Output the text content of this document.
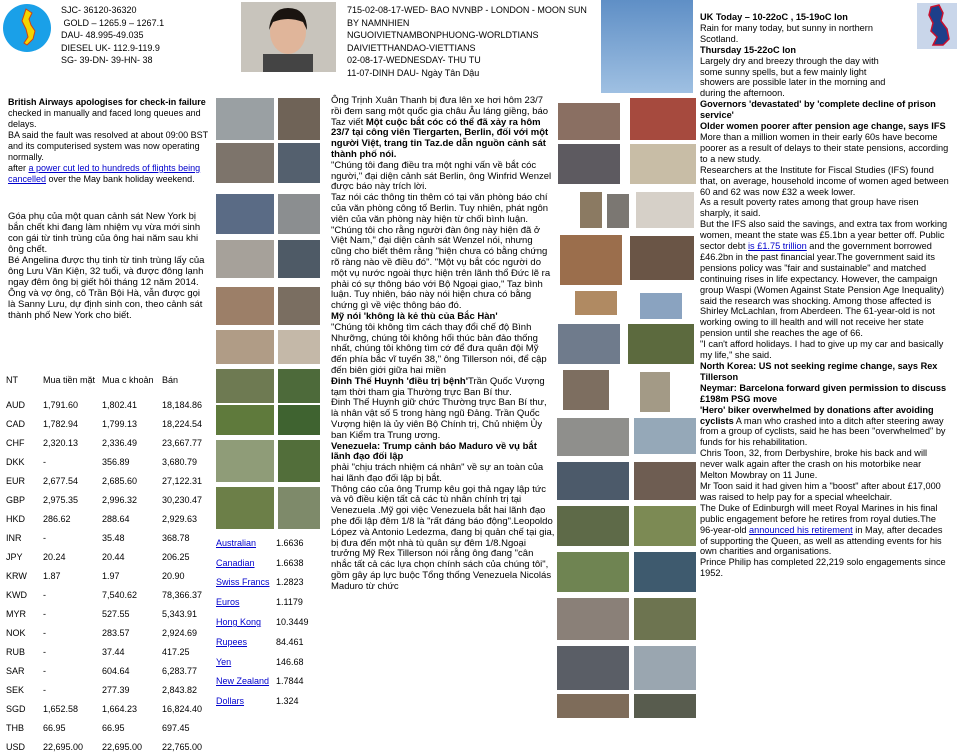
SJC- 36120-36320
GOLD – 1265.9 – 1267.1
DAU- 48.995-49.035
DIESEL UK- 112.9-119.9
SG- 39-DN- 39-HN- 38
715-02-08-17-WED- BAO NVNBP - LONDON - MOON SUN BY NAMNHIEN
NGUOIVIETNAMBONPHUONG-WORLDTIANS
DAIVIETTHANDAO-VIETTIANS
02-08-17-WEDNESDAY- THU TU
11-07-DINH DAU- Ngày Tân Dậu

British Airways apologises for check-in failure checked in manually and faced long queues and delays.

BA said the fault was resolved at about 09:00 BST and its computerised system was now operating normally.

after a power cut led to hundreds of flights being cancelled over the May bank holiday weekend.

Góa phụ của một quan cảnh sát New York bị bắn chết khi đang làm nhiệm vụ vừa mới sinh con gái từ tinh trùng của ông hai năm sau khi ông chết.

Bé Angelina được thụ tinh từ tinh trùng lấy của ông Lưu Văn Kiện, 32 tuổi, và được đông lạnh ngay đêm ông bị giết hôi tháng 12 năm 2014.

Ông và vợ ông, cô Trần Bội Hà, vẫn được gọi là Sanny Lưu, dự định sinh con, theo cảnh sát thành phố New York cho biết.

NT	Mua tiền mặt	Mua c khoản	Bán
AUD	1,791.60	1,802.41	18,184.86
CAD	1,782.94	1,799.13	18,224.54
CHF	2,320.13	2,336.49	23,667.77
DKK	-	356.89	3,680.79
EUR	2,677.54	2,685.60	27,122.31
GBP	2,975.35	2,996.32	30,230.47
HKD	286.62	288.64	2,929.63
INR	-	35.48	368.78
JPY	20.24	20.44	206.25
KRW	1.87	1.97	20.90
KWD	-	7,540.62	78,366.37
MYR	-	527.55	5,343.91
NOK	-	283.57	2,924.69
RUB	-	37.44	417.25
SAR	-	604.64	6,283.77
SEK	-	277.39	2,843.82
SGD	1,652.58	1,664.23	16,824.40
THB	66.95	66.95	697.45
USD	22,695.00	22,695.00	22,765.00
Australian	1.6636
Canadian	1.6638
Swiss Francs	1.2823
Euros	1.1179
Hong Kong	10.3449
Rupees	84.461
Yen	146.68
New Zealand	1.7844
Dollars	1.324

Ông Trịnh Xuân Thanh bị đưa lên xe hơi hôm 23/7 rồi đem sang một quốc gia châu Âu láng giềng, báo Taz viết Một cuộc bắt cóc có thể đã xảy ra hôm 23/7 tại công viên Tiergarten, Berlin, đối với một người Việt, trang tin Taz.de dẫn nguồn cảnh sát thành phố nói.

"Chúng tôi đang điều tra một nghi vấn về bắt cóc người," đại diện cảnh sát Berlin, ông Winfrid Wenzel được báo này trích lời.

Taz nói các thông tin thêm có tại văn phòng báo chí của văn phòng công tố Berlin. Tuy nhiên, phát ngôn viên của văn phòng này hiện từ chối bình luận.

"Chúng tôi cho rằng người đàn ông này hiện đã ở Việt Nam," đại diện cảnh sát Wenzel nói, nhưng cũng cho biết thêm rằng "hiện chưa có bằng chứng rõ ràng nào về điều đó". "Một vụ bắt cóc người do một vụ nước ngoài thực hiện trên lãnh thổ Đức lẽ ra phải có sự thông báo với Bộ Ngoại giao," Taz bình luận. Tuy nhiên, báo này nói hiện chưa có bằng chứng gì về việc thông báo đó.

Mỹ nói 'không là kẻ thù của Bắc Hàn'

"Chúng tôi không tìm cách thay đổi chế độ Bình Nhưỡng, chúng tôi không hối thúc bản đảo thống nhất, chúng tôi không tìm cớ để đưa quân đội Mỹ đến phía bắc vĩ tuyến 38," ông Tillerson nói, để cập đến biên giới giữa hai miền

Đinh Thế Huynh 'điều trị bệnh'Trần Quốc Vượng tạm thời tham gia Thường trực Ban Bí thư.

Đinh Thế Huynh giữ chức Thường trực Ban Bí thư, là nhân vật số 5 trong hàng ngũ Đảng. Trần Quốc Vượng hiện là ủy viên Bộ Chính trị, Chủ nhiệm Ủy ban Kiểm tra Trung ương.

Venezuela: Trump cảnh báo Maduro về vụ bắt lãnh đạo đối lập

phải "chịu trách nhiệm cá nhân" về sự an toàn của hai lãnh đạo đối lập bị bắt.

Thông cáo của ông Trump kêu gọi thả ngay lập tức và vô điều kiện tất cả các tù nhân chính trị tại Venezuela .Mỹ gọi việc Venezuela bắt hai lãnh đạo phe đối lập đêm 1/8 là "rất đáng báo động".Leopoldo López và Antonio Ledezma, đang bị quản chế tại gia, bị đưa đến một nhà tù quân sự đêm 1/8.Ngoại trưởng Mỹ Rex Tillerson nói rằng ông đang "cân nhắc tất cả các lựa chọn chính sách của chúng tôi", gồm gây áp lực buộc Tổng thống Venezuela Nicolás Maduro từ chức

UK Today – 10-22oC , 15-19oC lon

Rain for many today, but sunny in northern Scotland.

Thursday 15-22oC lon

Largely dry and breezy through the day with some sunny spells, but a few mainly light showers are possible later in the morning and during the afternoon.

Governors 'devastated' by 'complete decline of prison service'

Older women poorer after pension age change, says IFS

More than a million women in their early 60s have become poorer as a result of delays to their state pensions, according to a new study.

Researchers at the Institute for Fiscal Studies (IFS) found that, on average, household income of women aged between 60 and 62 was now £32 a week lower.

As a result poverty rates among that group have risen sharply, it said.

But the IFS also said the savings, and extra tax from working women, meant the state was £5.1bn a year better off. Public sector debt is £1.75 trillion and the government borrowed £46.2bn in the past financial year.The government said its pensions policy was "fair and sustainable" and matched continuing rises in life expectancy. However, the campaign group Waspi (Women Against State Pension Age Inequality) said the research was shocking. Among those affected is Shirley McLachlan, from Aberdeen. The 61-year-old is not working owing to ill health and will not receive her state pension until she reaches the age of 66.

"I can't afford holidays. I had to give up my car and basically my life," she said.

North Korea: US not seeking regime change, says Rex Tillerson

Neymar: Barcelona forward given permission to discuss £198m PSG move

'Hero' biker overwhelmed by donations after avoiding cyclists A man who crashed into a ditch after steering away from a group of cyclists, said he has been "overwhelmed" by funds for his rehabilitation.

Chris Toon, 32, from Derbyshire, broke his back and will never walk again after the crash on his motorbike near Melton Mowbray on 11 June.

Mr Toon said it had given him a "boost" after about £17,000 was raised to help pay for a special wheelchair.

The Duke of Edinburgh will meet Royal Marines in his final public engagement before he retires from royal duties.The 96-year-old announced his retirement in May, after decades of supporting the Queen, as well as attending events for his own charities and organisations.

Prince Philip has completed 22,219 solo engagements since 1952.
